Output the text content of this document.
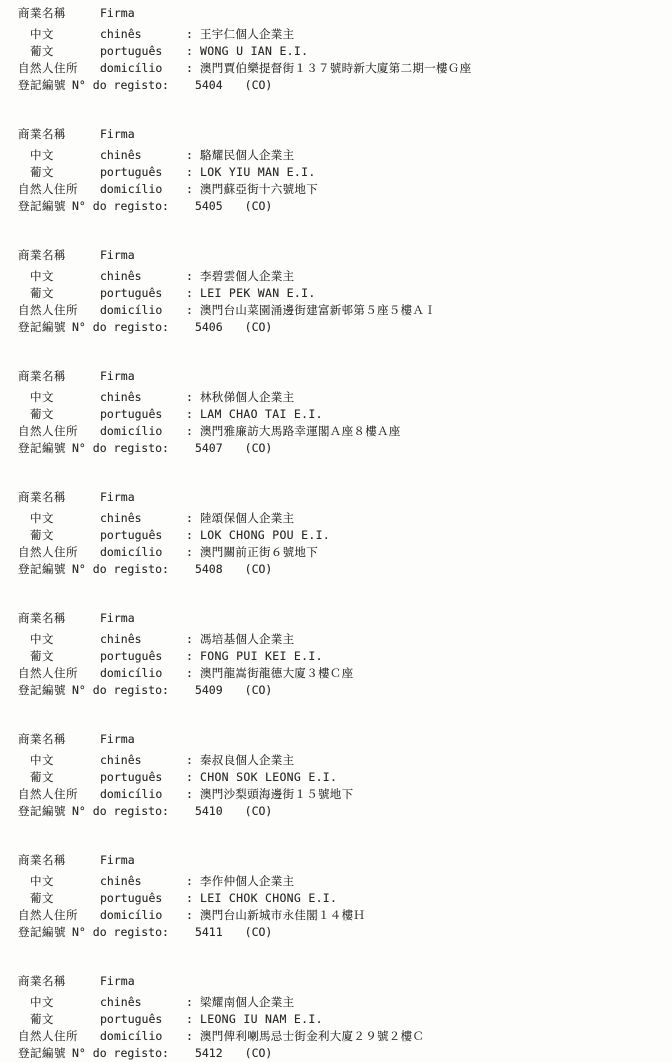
商業名稱	Firma
中文	chinês	: 王宇仁個人企業主
葡文	português	: WONG U IAN E.I.
自然人住所	domicílio	: 澳門賈伯樂提督街１３７號時新大廈第二期一樓Ｇ座
登記編號 N° do registo: 5404 (CO)
商業名稱	Firma
中文	chinês	: 駱耀民個人企業主
葡文	português	: LOK YIU MAN E.I.
自然人住所	domicílio	: 澳門蘇亞街十六號地下
登記編號 N° do registo: 5405 (CO)
商業名稱	Firma
中文	chinês	: 李碧雲個人企業主
葡文	português	: LEI PEK WAN E.I.
自然人住所	domicílio	: 澳門台山菜園涌邊街建富新邨第５座５樓ＡＩ
登記編號 N° do registo: 5406 (CO)
商業名稱	Firma
中文	chinês	: 林秋俤個人企業主
葡文	português	: LAM CHAO TAI E.I.
自然人住所	domicílio	: 澳門雅廉訪大馬路幸運閣Ａ座８樓Ａ座
登記編號 N° do registo: 5407 (CO)
商業名稱	Firma
中文	chinês	: 陸頌保個人企業主
葡文	português	: LOK CHONG POU E.I.
自然人住所	domicílio	: 澳門關前正街６號地下
登記編號 N° do registo: 5408 (CO)
商業名稱	Firma
中文	chinês	: 馮培基個人企業主
葡文	português	: FONG PUI KEI E.I.
自然人住所	domicílio	: 澳門龍嵩街龍德大廈３樓Ｃ座
登記編號 N° do registo: 5409 (CO)
商業名稱	Firma
中文	chinês	: 秦叔良個人企業主
葡文	português	: CHON SOK LEONG E.I.
自然人住所	domicílio	: 澳門沙梨頭海邊街１５號地下
登記編號 N° do registo: 5410 (CO)
商業名稱	Firma
中文	chinês	: 李作仲個人企業主
葡文	português	: LEI CHOK CHONG E.I.
自然人住所	domicílio	: 澳門台山新城市永佳閣１４樓Ｈ
登記編號 N° do registo: 5411 (CO)
商業名稱	Firma
中文	chinês	: 梁耀南個人企業主
葡文	português	: LEONG IU NAM E.I.
自然人住所	domicílio	: 澳門俾利喇馬忌士街金利大廈２９號２樓Ｃ
登記編號 N° do registo: 5412 (CO)
